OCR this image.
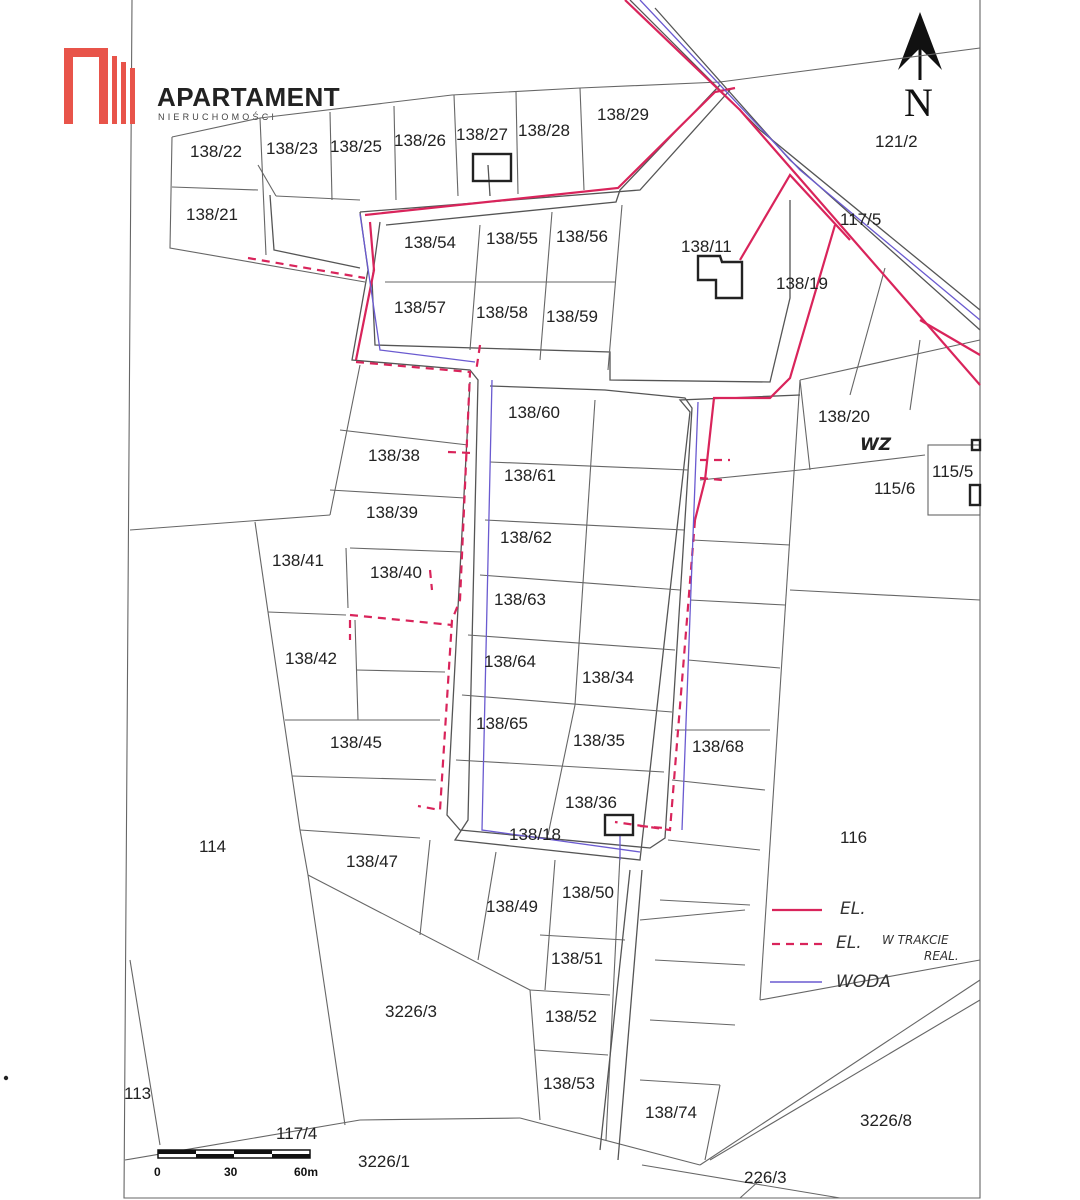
APARTAMENT
NIERUCHOMOŚCI	N
138/22 138/23 138/25 138/26 138/27 138/28
138/29
121/2
138/21
138/54 138/55 138/56
138/11
117/5
138/19
138/57 138/58 138/59
138/60	138/20
115/6
115/5
138/38
138/61
138/39
138/62
138/41
138/40
138/63
138/42	138/64
138/34
138/45
138/65
138/35	138/68
138/36
138/18
114	116
138/47
138/50
138/49
138/51
3226/3	138/52
138/53
113
138/74	3226/8
117/4
3226/1
226/3
WZ
EL.
EL. W TRAKCIE
REAL.
WODA
0	30	60m
